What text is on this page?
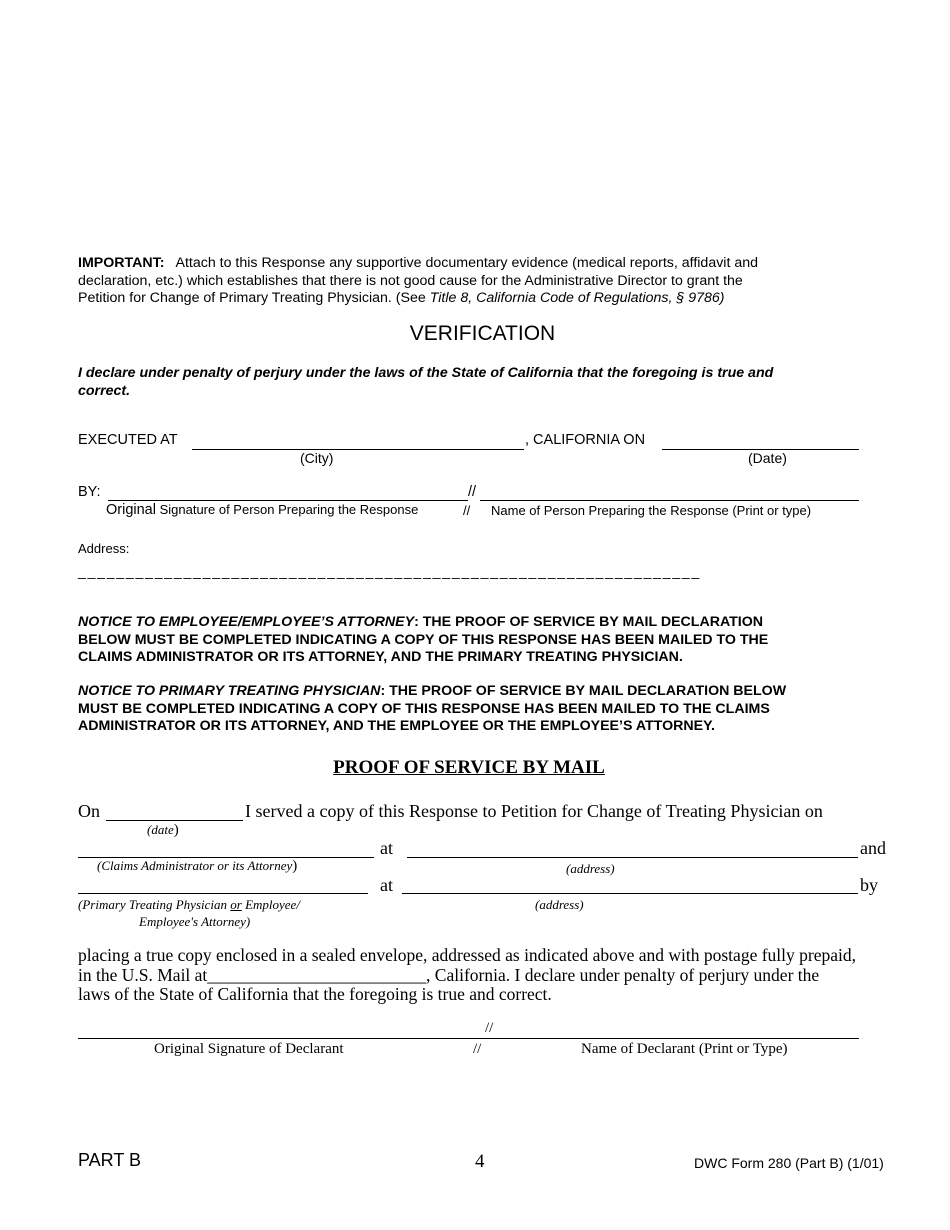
IMPORTANT: Attach to this Response any supportive documentary evidence (medical reports, affidavit and
declaration, etc.) which establishes that there is not good cause for the Administrative Director to grant the
Petition for Change of Primary Treating Physician. (See Title 8, California Code of Regulations, § 9786)
VERIFICATION
I declare under penalty of perjury under the laws of the State of California that the foregoing is true and
correct.
EXECUTED AT	, CALIFORNIA ON
(City)	(Date)
BY:	//
Original Signature of Person Preparing the Response	// Name of Person Preparing the Response (Print or type)
Address:
_________________________________________________________________
NOTICE TO EMPLOYEE/EMPLOYEE’S ATTORNEY: THE PROOF OF SERVICE BY MAIL DECLARATION
BELOW MUST BE COMPLETED INDICATING A COPY OF THIS RESPONSE HAS BEEN MAILED TO THE
CLAIMS ADMINISTRATOR OR ITS ATTORNEY, AND THE PRIMARY TREATING PHYSICIAN.
NOTICE TO PRIMARY TREATING PHYSICIAN: THE PROOF OF SERVICE BY MAIL DECLARATION BELOW
MUST BE COMPLETED INDICATING A COPY OF THIS RESPONSE HAS BEEN MAILED TO THE CLAIMS
ADMINISTRATOR OR ITS ATTORNEY, AND THE EMPLOYEE OR THE EMPLOYEE’S ATTORNEY.
PROOF OF SERVICE BY MAIL
On	I served a copy of this Response to Petition for Change of Treating Physician on
(date)
at	and
(Claims Administrator or its Attorney)	(address)
at	by
(Primary Treating Physician or Employee/
Employee's Attorney)
(address)
placing a true copy enclosed in a sealed envelope, addressed as indicated above and with postage fully prepaid,
in the U.S. Mail at_________________________, California. I declare under penalty of perjury under the
laws of the State of California that the foregoing is true and correct.
//
Original Signature of Declarant	//	Name of Declarant (Print or Type)
PART B	4	DWC Form 280 (Part B) (1/01)
